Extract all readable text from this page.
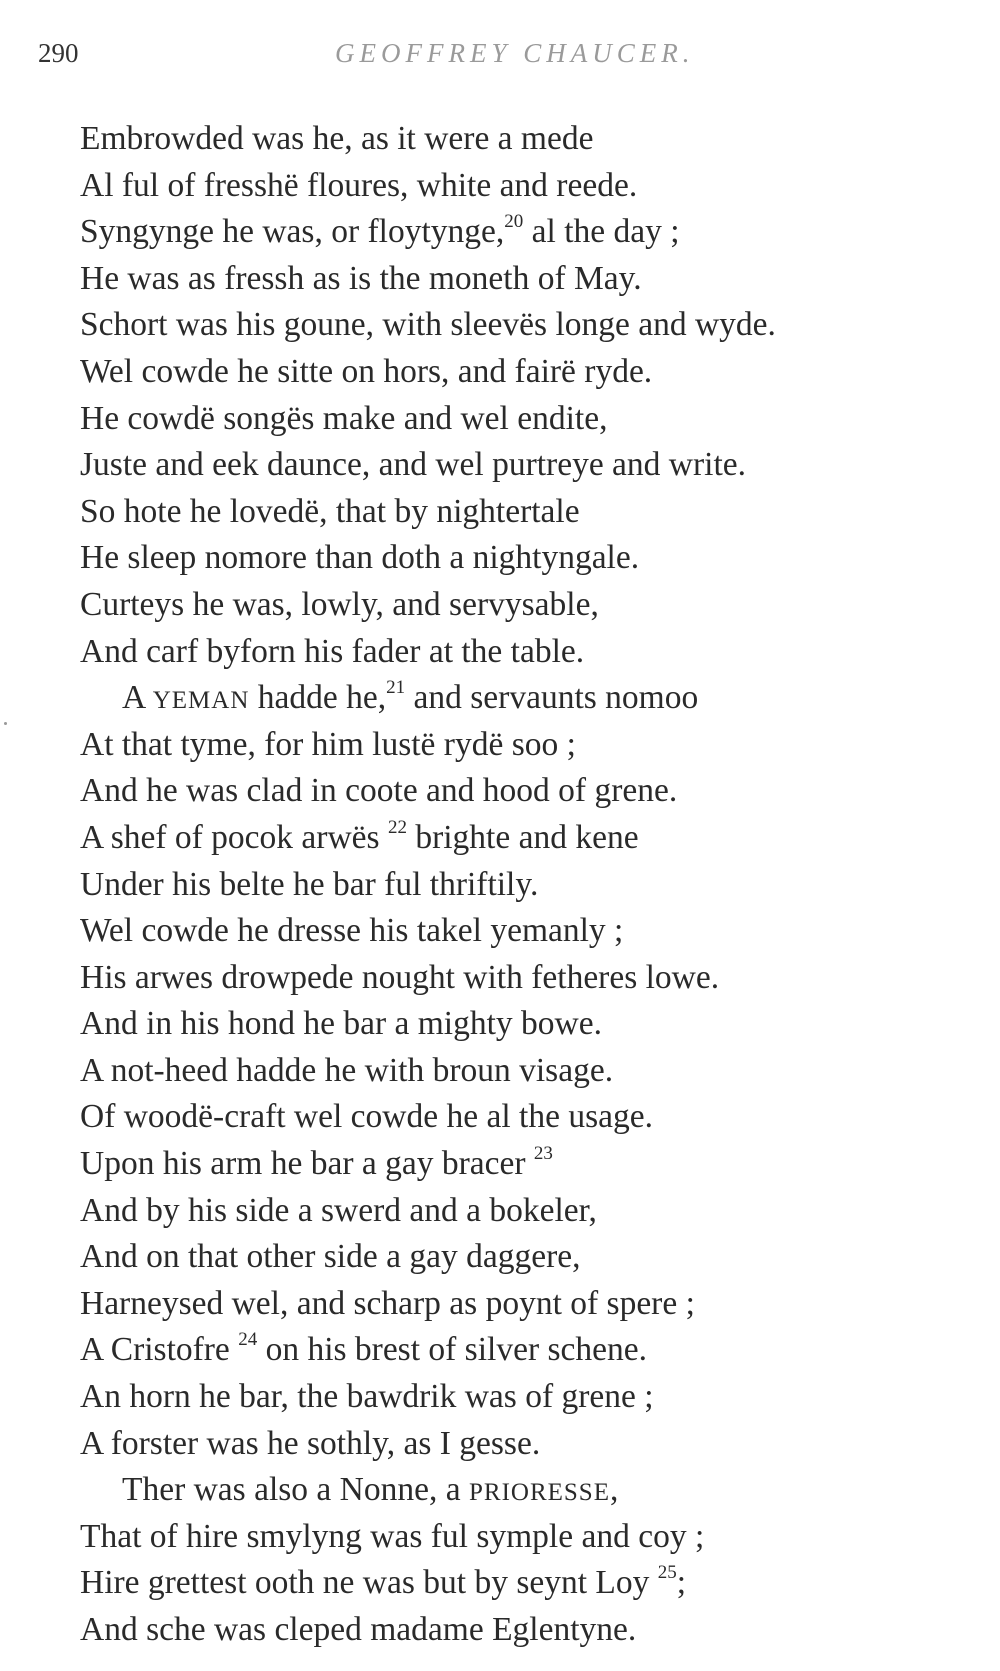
290	GEOFFREY CHAUCER.
Embrowded was he, as it were a mede
Al ful of fresshë floures, white and reede.
Syngynge he was, or floytynge,$^{20}$ al the day ;
He was as fressh as is the moneth of May.
Schort was his goune, with sleevës longe and wyde.
Wel cowde he sitte on hors, and fairë ryde.
He cowdë songës make and wel endite,
Juste and eek daunce, and wel purtreye and write.
So hote he lovedë, that by nightertale
He sleep nomore than doth a nightyngale.
Curteys he was, lowly, and servysable,
And carf byforn his fader at the table.
A YEMAN hadde he,$^{21}$ and servaunts nomoo
At that tyme, for him lustë rydë soo ;
And he was clad in coote and hood of grene.
A shef of pocok arwës $^{22}$ brighte and kene
Under his belte he bar ful thriftily.
Wel cowde he dresse his takel yemanly ;
His arwes drowpede nought with fetheres lowe.
And in his hond he bar a mighty bowe.
A not-heed hadde he with broun visage.
Of woodë-craft wel cowde he al the usage.
Upon his arm he bar a gay bracer $^{23}$
And by his side a swerd and a bokeler,
And on that other side a gay daggere,
Harneysed wel, and scharp as poynt of spere ;
A Cristofre $^{24}$ on his brest of silver schene.
An horn he bar, the bawdrik was of grene ;
A forster was he sothly, as I gesse.
Ther was also a Nonne, a PRIORESSE,
That of hire smylyng was ful symple and coy ;
Hire grettest ooth ne was but by seynt Loy $^{25}$;
And sche was cleped madame Eglentyne.
